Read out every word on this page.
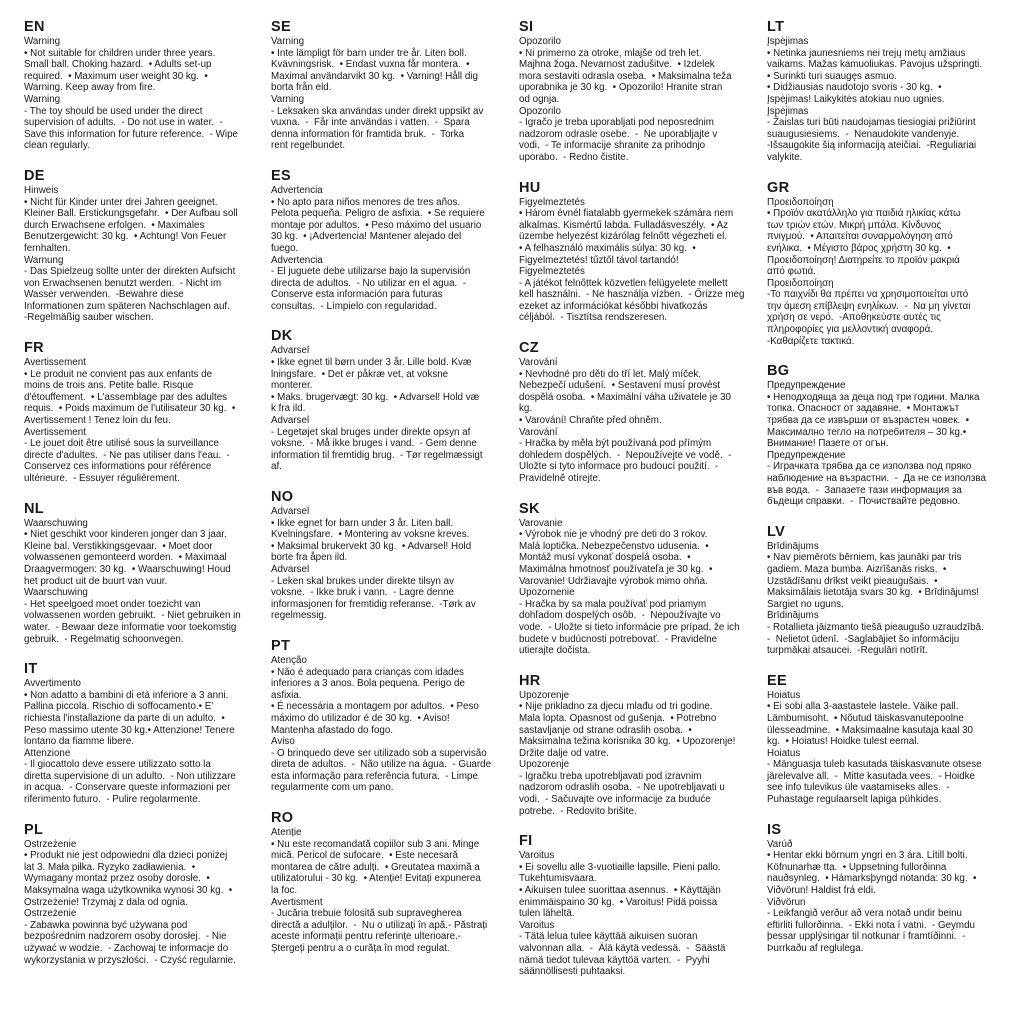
EN
Warning
• Not suitable for children under three years.
Small ball. Choking hazard.  • Adults set-up
required.  • Maximum user weight 30 kg.  •
Warning. Keep away from fire.
Warning
- The toy should be used under the direct
supervision of adults.  - Do not use in water.  -
Save this information for future reference.  - Wipe
clean regularly.
DE
Hinweis
• Nicht für Kinder unter drei Jahren geeignet.
Kleiner Ball. Erstickungsgefahr.  • Der Aufbau soll
durch Erwachsene erfolgen.  • Maximales
Benutzergewicht: 30 kg.  • Achtung! Von Feuer
fernhalten.
Warnung
- Das Spielzeug sollte unter der direkten Aufsicht
von Erwachsenen benutzt werden.  - Nicht im
Wasser verwenden.  -Bewahre diese
Informationen zum späteren Nachschlagen auf.
-Regelmäßig sauber wischen.
FR
Avertissement
• Le produit ne convient pas aux enfants de
moins de trois ans. Petite balle. Risque
d'étouffement.  • L'assemblage par des adultes
requis.  • Poids maximum de l'utilisateur 30 kg.  •
Avertissement ! Tenez loin du feu.
Avertissement
- Le jouet doit être utilisé sous la surveillance
directe d'adultes.  - Ne pas utiliser dans l'eau.  -
Conservez ces informations pour référence
ultérieure.  - Essuyer régulièrement.
NL
Waarschuwing
• Niet geschikt voor kinderen jonger dan 3 jaar.
Kleine bal. Verstikkingsgevaar.  • Moet door
volwassenen gemonteerd worden.  • Maximaal
Draagvermogen: 30 kg.  • Waarschuwing! Houd
het product uit de buurt van vuur.
Waarschuwing
- Het speelgoed moet onder toezicht van
volwassenen worden gebruikt.  - Niet gebruiken in
water.  - Bewaar deze informatie voor toekomstig
gebruik.  - Regelmatig schoonvegen.
IT
Avvertimento
• Non adatto a bambini di età inferiore a 3 anni.
Pallina piccola. Rischio di soffocamento.• E'
richiesta l'installazione da parte di un adulto.  •
Peso massimo utente 30 kg.• Attenzione! Tenere
lontano da fiamme libere.
Attenzione
- Il giocattolo deve essere utilizzato sotto la
diretta supervisione di un adulto.  - Non utilizzare
in acqua.  - Conservare queste informazioni per
riferimento futuro.  - Pulire regolarmente.
PL
Ostrzeżenie
• Produkt nie jest odpowiedni dla dzieci poniżej
lat 3. Mała piłka. Ryzyko zadławienia.  •
Wymagany montaż przez osoby dorosłe.  •
Maksymalna waga użytkownika wynosi 30 kg.  •
Ostrzeżenie! Trzymaj z dala od ognia.
Ostrzeżenie
- Zabawka powinna być używana pod
bezpośrednim nadzorem osoby dorosłej.  - Nie
używać w wodzie.  - Zachowaj te informacje do
wykorzystania w przyszłości.  - Czyść regularnie.
SE
Varning
• Inte lämpligt för barn under tre år. Liten boll.
Kvävningsrisk.  • Endast vuxna får montera.  •
Maximal användarvikt 30 kg.  • Varning! Håll dig
borta från eld.
Varning
- Leksaken ska användas under direkt uppsikt av
vuxna.  -  Får inte användas i vatten.  -  Spara
denna information för framtida bruk.  -  Torka
rent regelbundet.
ES
Advertencia
• No apto para niños menores de tres años.
Pelota pequeña. Peligro de asfixia.  • Se requiere
montaje por adultos.  • Peso máximo del usuario
30 kg.  • ¡Advertencia! Mantener alejado del
fuego.
Advertencia
- El juguete debe utilizarse bajo la supervisión
directa de adultos.  - No utilizar en el agua.  -
Conserve esta información para futuras
consultas.  - Límpielo con regularidad.
DK
Advarsel
• Ikke egnet til børn under 3 år. Lille bold. Kvæ
lningsfare.  • Det er påkræ vet, at voksne
monterer.
• Maks. brugervægt: 30 kg.  • Advarsel! Hold væ
k fra ild.
Advarsel
- Legetøjet skal bruges under direkte opsyn af
voksne.  - Må ikke bruges i vand.  - Gem denne
information til fremtidig brug.  - Tør regelmæssigt
af.
NO
Advarsel
• Ikke egnet for barn under 3 år. Liten ball.
Kvelningsfare.  • Montering av voksne kreves.
• Maksimal brukervekt 30 kg.  • Advarsel! Hold
borte fra åpen ild.
Advarsel
- Leken skal brukes under direkte tilsyn av
voksne.  - Ikke bruk i vann.  - Lagre denne
informasjonen for fremtidig referanse.  -Tørk av
regelmessig.
PT
Atenção
• Não é adequado para crianças com idades
inferiores a 3 anos. Bola pequena. Perigo de
asfixia.
• É necessária a montagem por adultos.  • Peso
máximo do utilizador é de 30 kg.  • Aviso!
Mantenha afastado do fogo.
Aviso
- O brinquedo deve ser utilizado sob a supervisão
direta de adultos.  -  Não utilize na água.  - Guarde
esta informação para referência futura.  - Limpe
regularmente com um pano.
RO
Atenție
• Nu este recomandată copiilor sub 3 ani. Minge
mică. Pericol de sufocare.  • Este necesară
montarea de către adulți.  • Greutatea maximă a
utilizatorului - 30 kg.  • Atenție! Evitați expunerea
la foc.
Avertisment
- Jucăria trebuie folosită sub supravegherea
directă a adulților.  -  Nu o utilizați în apă.- Păstrați
aceste informații pentru referințe ulterioare.-
Ștergeți pentru a o curăța în mod regulat.
SI
Opozorilo
• Ni primerno za otroke, mlajše od treh let.
Majhna žoga. Nevarnost zadušitve.  • Izdelek
mora sestaviti odrasla oseba.  • Maksimalna teža
uporabnika je 30 kg.  • Opozorilo! Hranite stran
od ognja.
Opozorilo
- Igračo je treba uporabljati pod neposrednim
nadzorom odrasle osebe.  -  Ne uporabljajte v
vodi.  - Te informacije shranite za prihodnjo
uporabo.  - Redno čistite.
HU
Figyelmeztetés
• Három évnél fiatalabb gyermekek számára nem
alkalmas. Kismértű labda. Fulladásveszély.  • Az
üzembe helyezést kizárólag felnőtt végezheti el.
• A felhasználó maximális súlya: 30 kg.  •
Figyelmeztetés! tűztől távol tartandó!
Figyelmeztetés
- A játékot felnőttek közvetlen felügyelete mellett
kell használni.  - Ne használja vízben.  - Őrizze meg
ezeket az információkat későbbi hivatkozás
céljából.  - Tisztítsa rendszeresen.
CZ
Varování
• Nevhodné pro děti do tří let. Malý míček.
Nebezpečí udušení.  • Sestavení musí provést
dospělá osoba.  • Maximální váha uživatele je 30
kg.
• Varování! Chraňte před ohněm.
Varování
- Hračka by měla být používaná pod přímým
dohledem dospělých.  -  Nepoužívejte ve vodě.  -
Uložte si tyto informace pro budoucí použití.  -
Pravidelně otírejte.
SK
Varovanie
• Výrobok nie je vhodný pre deti do 3 rokov.
Malá loptička. Nebezpečenstvo udusenia.  •
Montáž musí vykonať dospelá osoba.  •
Maximálna hmotnosť používateľa je 30 kg.  •
Varovanie! Udržiavajte výrobok mimo ohňa.
Upozornenie
- Hračka by sa mala používať pod priamym
dohľadom dospelých osôb.  -  Nepoužívajte vo
vode.  - Uložte si tieto informácie pre prípad, že ich
budete v budúcnosti potrebovať.  - Pravidelne
utierajte dočista.
HR
Upozorenje
• Nije prikladno za djecu mlađu od tri godine.
Mala lopta. Opasnost od gušenja.  • Potrebno
sastavljanje od strane odraslih osoba.  •
Maksimalna težina korisnika 30 kg.  • Upozorenje!
Držite dalje od vatre.
Upozorenje
- Igračku treba upotrebljavati pod izravnim
nadzorom odraslih osoba.  - Ne upotrebljavati u
vodi.  - Sačuvajte ove informacije za buduće
potrebe.  - Redovito brišite.
FI
Varoitus
• Ei sovellu alle 3-vuotiaille lapsille. Pieni pallo.
Tukehtumisvaara.
• Aikuisen tulee suorittaa asennus.  • Käyttäjän
enimmäispaino 30 kg.  • Varoitus! Pidä poissa
tulen läheltä.
Varoitus
- Tätä lelua tulee käyttää aikuisen suoran
valvonnan alla.  -  Älä käytä vedessä.  -  Säästä
nämä tiedot tulevaa käyttöä varten.  -  Pyyhi
säännöllisesti puhtaaksi.
LT
Įspėjimas
• Netinka jaunesniems nei trejų metų amžiaus
vaikams. Mažas kamuoliukas. Pavojus užspringti.
• Surinkti turi suaugęs asmuo.
• Didžiausias naudotojo svoris - 30 kg.  •
Įspėjimas! Laikykitės atokiau nuo ugnies.
Įspėjimas
- Žaislas turi būti naudojamas tiesiogiai prižiūrint
suaugusiesiems.  -  Nenaudokite vandenyje.
-Išsaugokite šią informaciją ateičiai.  -Reguliariai
valykite.
GR
Προειδοποίηση
• Προϊόν ακατάλληλο για παιδιά ηλικίας κάτω
των τριών ετών. Μικρή μπάλα. Κίνδυνος
πνιγμού.  • Απαιτείται συναρμολόγηση από
ενήλικα.  • Μέγιστο βάρος χρήστη 30 kg.  •
Προειδοποίηση! Διατηρείτε το προϊόν μακριά
από φωτιά.
Προειδοποίηση
-Το παιχνίδι θα πρέπει να χρησιμοποιείται υπό
την άμεση επίβλεψη ενηλίκων.  -  Να μη γίνεται
χρήση σε νερό.  -Αποθηκεύστε αυτές τις
πληροφορίες για μελλοντική αναφορά.
-Καθαρίζετε τακτικά.
BG
Предупреждение
• Неподходяща за деца под три години. Малка
топка. Опасност от задавяне.  • Монтажът
трябва да се извърши от възрастен човек.  •
Максимално тегло на потребителя – 30 kg.•
Внимание! Пазете от огън.
Предупреждение
- Играчката трябва да се използва под пряко
наблюдение на възрастни.  -  Да не се използва
във вода.  -  Запазете тази информация за
бъдещи справки.  -  Почиствайте редовно.
LV
Brīdinājums
• Nav piemērots bērniem, kas jaunāki par tris
gadiem. Maza bumba. Aizrīšanās risks.  •
Uzstādīšanu drīkst veikt pieaugušais.  •
Maksimālais lietotāja svars 30 kg.  • Brīdinājums!
Sargiet no uguns.
Brīdinājums
- Rotallieta jāizmanto tiešā pieaugušo uzraudzībā.
-  Nelietot ūdenī.  -Saglabājiet šo informāciju
turpmākai atsaucei.  -Regulāri notīrīt.
EE
Hoiatus
• Ei sobi alla 3-aastastele lastele. Väike pall.
Lämbumisoht.  • Nõutud täiskasvanutepoolne
ülesseadmine.  • Maksimaalne kasutaja kaal 30
kg.  • Hoiatus! Hoidke tulest eemal.
Hoiatus
- Mänguasja tuleb kasutada täiskasvanute otsese
järelevalve all.  -  Mitte kasutada vees.  - Hoidke
see info tulevikus üle vaatamiseks alles.  -
Puhastage regulaarselt lapiga pühkides.
IS
Varúð
• Hentar ekki börnum yngri en 3 ára. Lítill bolti.
Köfnunarhæ tta.  • Uppsetning fullorðinna
nauðsynleg.  • Hámarksþyngd notanda: 30 kg.  •
Viðvörun! Haldist frá eldi.
Viðvörun
- Leikfangið verður að vera notað undir beinu
eftirliti fullorðinna.  - Ekki nota í vatni.  - Geymdu
þessar upplýsingar til notkunar í framtíðinni.  -
Þurrkaðu af reglulega.
